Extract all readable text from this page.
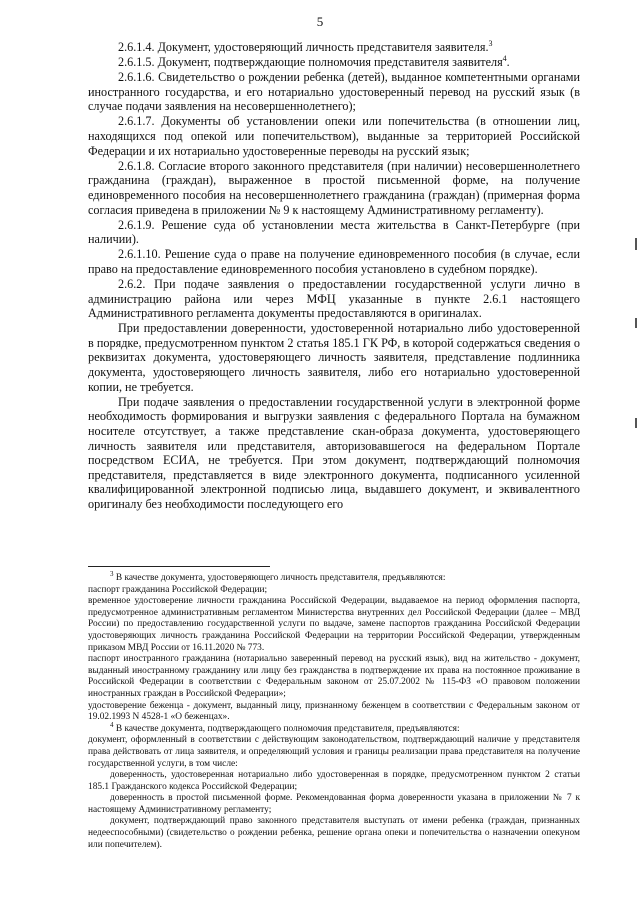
5

2.6.1.4. Документ, удостоверяющий личность представителя заявителя.$^3$

2.6.1.5. Документ, подтверждающие полномочия представителя заявителя$^4$.

2.6.1.6. Свидетельство о рождении ребенка (детей), выданное компетентными органами иностранного государства, и его нотариально удостоверенный перевод на русский язык (в случае подачи заявления на несовершеннолетнего);

2.6.1.7. Документы об установлении опеки или попечительства (в отношении лиц, находящихся под опекой или попечительством), выданные за территорией Российской Федерации и их нотариально удостоверенные переводы на русский язык;

2.6.1.8. Согласие второго законного представителя (при наличии) несовершеннолетнего гражданина (граждан), выраженное в простой письменной форме, на получение единовременного пособия на несовершеннолетнего гражданина (граждан) (примерная форма согласия приведена в приложении № 9 к настоящему Административному регламенту).

2.6.1.9. Решение суда об установлении места жительства в Санкт-Петербурге (при наличии).

2.6.1.10. Решение суда о праве на получение единовременного пособия (в случае, если право на предоставление единовременного пособия установлено в судебном порядке).

2.6.2. При подаче заявления о предоставлении государственной услуги лично в администрацию района или через МФЦ указанные в пункте 2.6.1 настоящего Административного регламента документы предоставляются в оригиналах.

При предоставлении доверенности, удостоверенной нотариально либо удостоверенной в порядке, предусмотренном пунктом 2 статья 185.1 ГК РФ, в которой содержаться сведения о реквизитах документа, удостоверяющего личность заявителя, представление подлинника документа, удостоверяющего личность заявителя, либо его нотариально удостоверенной копии, не требуется.

При подаче заявления о предоставлении государственной услуги в электронной форме необходимость формирования и выгрузки заявления с федерального Портала на бумажном носителе отсутствует, а также представление скан-образа документа, удостоверяющего личность заявителя или представителя, авторизовавшегося на федеральном Портале посредством ЕСИА, не требуется. При этом документ, подтверждающий полномочия представителя, представляется в виде электронного документа, подписанного усиленной квалифицированной электронной подписью лица, выдавшего документ, и эквивалентного оригиналу без необходимости последующего его

$^3$ В качестве документа, удостоверяющего личность представителя, предъявляются:

паспорт гражданина Российской Федерации;

временное удостоверение личности гражданина Российской Федерации, выдаваемое на период оформления паспорта, предусмотренное административным регламентом Министерства внутренних дел Российской Федерации (далее – МВД России) по предоставлению государственной услуги по выдаче, замене паспортов гражданина Российской Федерации удостоверяющих личность гражданина Российской Федерации на территории Российской Федерации, утвержденным приказом МВД России от 16.11.2020 № 773.

паспорт иностранного гражданина (нотариально заверенный перевод на русский язык), вид на жительство - документ, выданный иностранному гражданину или лицу без гражданства в подтверждение их права на постоянное проживание в Российской Федерации в соответствии с Федеральным законом от 25.07.2002 № 115-ФЗ «О правовом положении иностранных граждан в Российской Федерации»;

удостоверение беженца - документ, выданный лицу, признанному беженцем в соответствии с Федеральным законом от 19.02.1993 N 4528-1 «О беженцах».

$^4$ В качестве документа, подтверждающего полномочия представителя, предъявляются:

документ, оформленный в соответствии с действующим законодательством, подтверждающий наличие у представителя права действовать от лица заявителя, и определяющий условия и границы реализации права представителя на получение государственной услуги, в том числе:

доверенность, удостоверенная нотариально либо удостоверенная в порядке, предусмотренном пунктом 2 статьи 185.1 Гражданского кодекса Российской Федерации;

доверенность в простой письменной форме. Рекомендованная форма доверенности указана в приложении № 7 к настоящему Административному регламенту;

документ, подтверждающий право законного представителя выступать от имени ребенка (граждан, признанных недееспособными) (свидетельство о рождении ребенка, решение органа опеки и попечительства о назначении опекуном или попечителем).
